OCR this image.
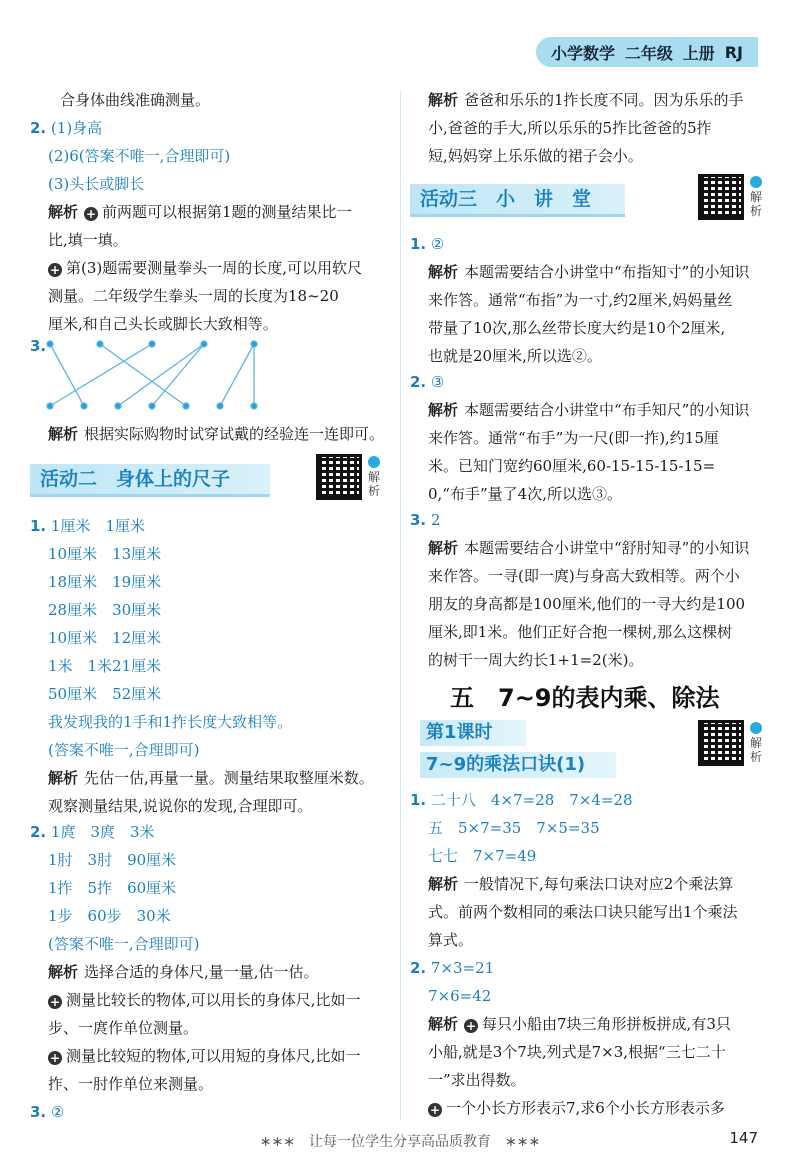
小学数学 二年级 上册 RJ
合身体曲线准确测量。
2. (1)身高
(2)6(答案不唯一,合理即可)
(3)头长或脚长
解析 + 前两题可以根据第1题的测量结果比一
比,填一填。
+ 第(3)题需要测量拳头一周的长度,可以用软尺
测量。二年级学生拳头一周的长度为18~20
厘米,和自己头长或脚长大致相等。
3.
解析 根据实际购物时试穿试戴的经验连一连即可。
活动二　身体上的尺子	解析
1. 1厘米　1厘米
10厘米　13厘米
18厘米　19厘米
28厘米　30厘米
10厘米　12厘米
1米　1米21厘米
50厘米　52厘米
我发现我的1手和1拃长度大致相等。
(答案不唯一,合理即可)
解析 先估一估,再量一量。测量结果取整厘米数。
观察测量结果,说说你的发现,合理即可。
2. 1庹　3庹　3米
1肘　3肘　90厘米
1拃　5拃　60厘米
1步　60步　30米
(答案不唯一,合理即可)
解析 选择合适的身体尺,量一量,估一估。
+ 测量比较长的物体,可以用长的身体尺,比如一
步、一庹作单位测量。
+ 测量比较短的物体,可以用短的身体尺,比如一
拃、一肘作单位来测量。
3. ②
解析 爸爸和乐乐的1拃长度不同。因为乐乐的手
小,爸爸的手大,所以乐乐的5拃比爸爸的5拃
短,妈妈穿上乐乐做的裙子会小。
活动三　小　讲　堂	解析
1. ②
解析 本题需要结合小讲堂中“布指知寸”的小知识
来作答。通常“布指”为一寸,约2厘米,妈妈量丝
带量了10次,那么丝带长度大约是10个2厘米,
也就是20厘米,所以选②。
2. ③
解析 本题需要结合小讲堂中“布手知尺”的小知识
来作答。通常“布手”为一尺(即一拃),约15厘
米。已知门宽约60厘米,60-15-15-15-15=
0,“布手”量了4次,所以选③。
3. 2
解析 本题需要结合小讲堂中“舒肘知寻”的小知识
来作答。一寻(即一庹)与身高大致相等。两个小
朋友的身高都是100厘米,他们的一寻大约是100
厘米,即1米。他们正好合抱一棵树,那么这棵树
的树干一周大约长1+1=2(米)。
五　7~9的表内乘、除法
第1课时
7~9的乘法口诀(1)
解析
1. 二十八　4×7=28　7×4=28
五　5×7=35　7×5=35
七七　7×7=49
解析 一般情况下,每句乘法口诀对应2个乘法算
式。前两个数相同的乘法口诀只能写出1个乘法
算式。
2. 7×3=21
7×6=42
解析 + 每只小船由7块三角形拼板拼成,有3只
小船,就是3个7块,列式是7×3,根据“三七二十
一”求出得数。
+ 一个小长方形表示7,求6个小长方形表示多
∗∗∗　让每一位学生分享高品质教育　∗∗∗	147
